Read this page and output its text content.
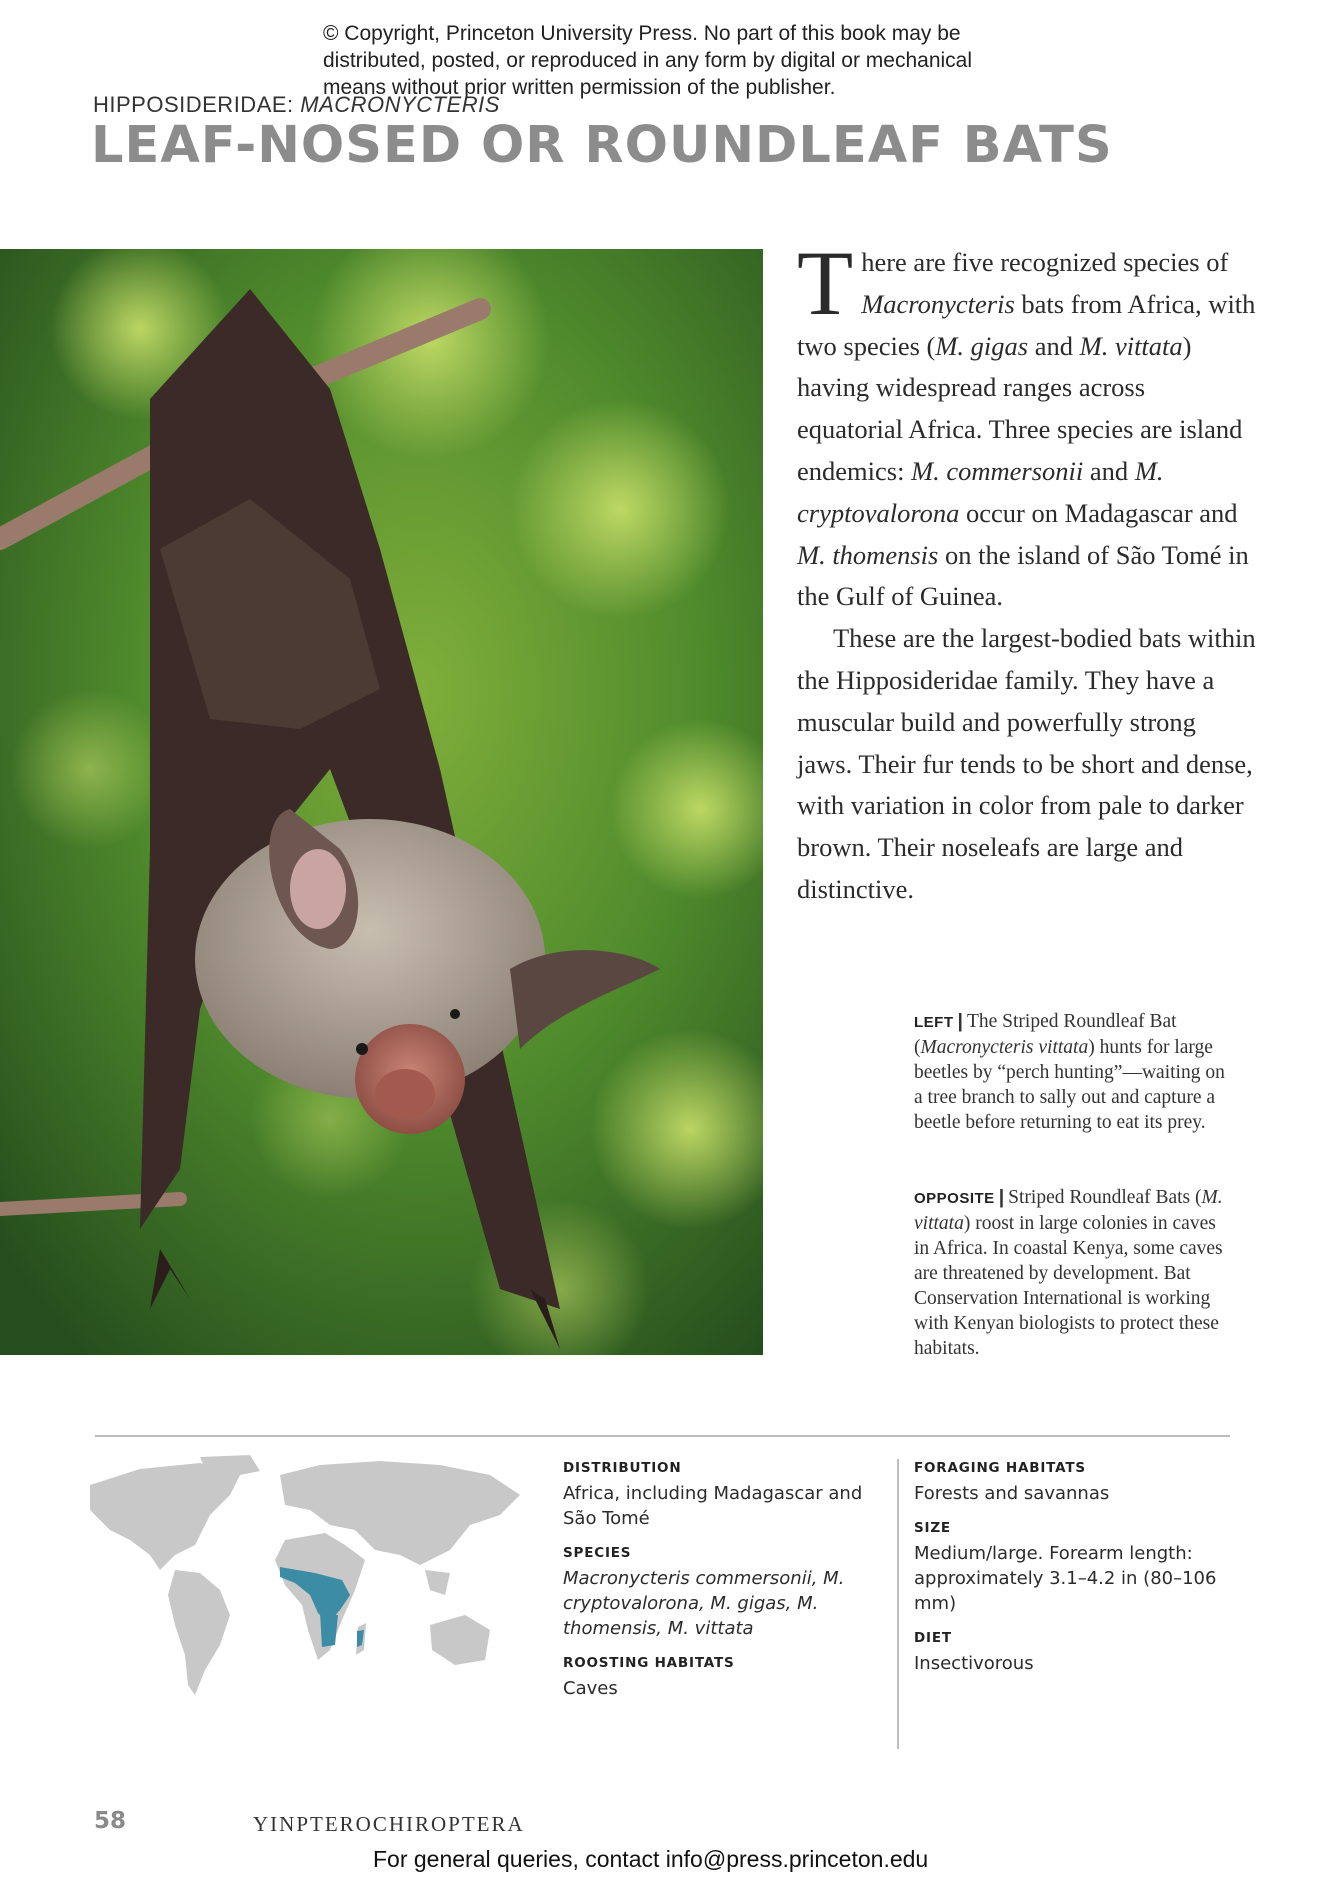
© Copyright, Princeton University Press. No part of this book may be
distributed, posted, or reproduced in any form by digital or mechanical
means without prior written permission of the publisher.
HIPPOSIDERIDAE: MACRONYCTERIS
LEAF-NOSED OR ROUNDLEAF BATS

There are five recognized species of Macronycteris bats from Africa, with two species (M. gigas and M. vittata) having widespread ranges across equatorial Africa. Three species are island endemics: M. commersonii and M. cryptovalorona occur on Madagascar and M. thomensis on the island of São Tomé in the Gulf of Guinea.

These are the largest-bodied bats within the Hipposideridae family. They have a muscular build and powerfully strong jaws. Their fur tends to be short and dense, with variation in color from pale to darker brown. Their noseleafs are large and distinctive.

LEFT | The Striped Roundleaf Bat (Macronycteris vittata) hunts for large beetles by “perch hunting”—waiting on a tree branch to sally out and capture a beetle before returning to eat its prey.
OPPOSITE | Striped Roundleaf Bats (M. vittata) roost in large colonies in caves in Africa. In coastal Kenya, some caves are threatened by development. Bat Conservation International is working with Kenyan biologists to protect these habitats.
DISTRIBUTION
Africa, including Madagascar and São Tomé
SPECIES
Macronycteris commersonii, M. cryptovalorona, M. gigas, M. thomensis, M. vittata
ROOSTING HABITATS
Caves
FORAGING HABITATS
Forests and savannas
SIZE
Medium/large. Forearm length: approximately 3.1–4.2 in (80–106 mm)
DIET
Insectivorous
58	YINPTEROCHIROPTERA
For general queries, contact info@press.princeton.edu
